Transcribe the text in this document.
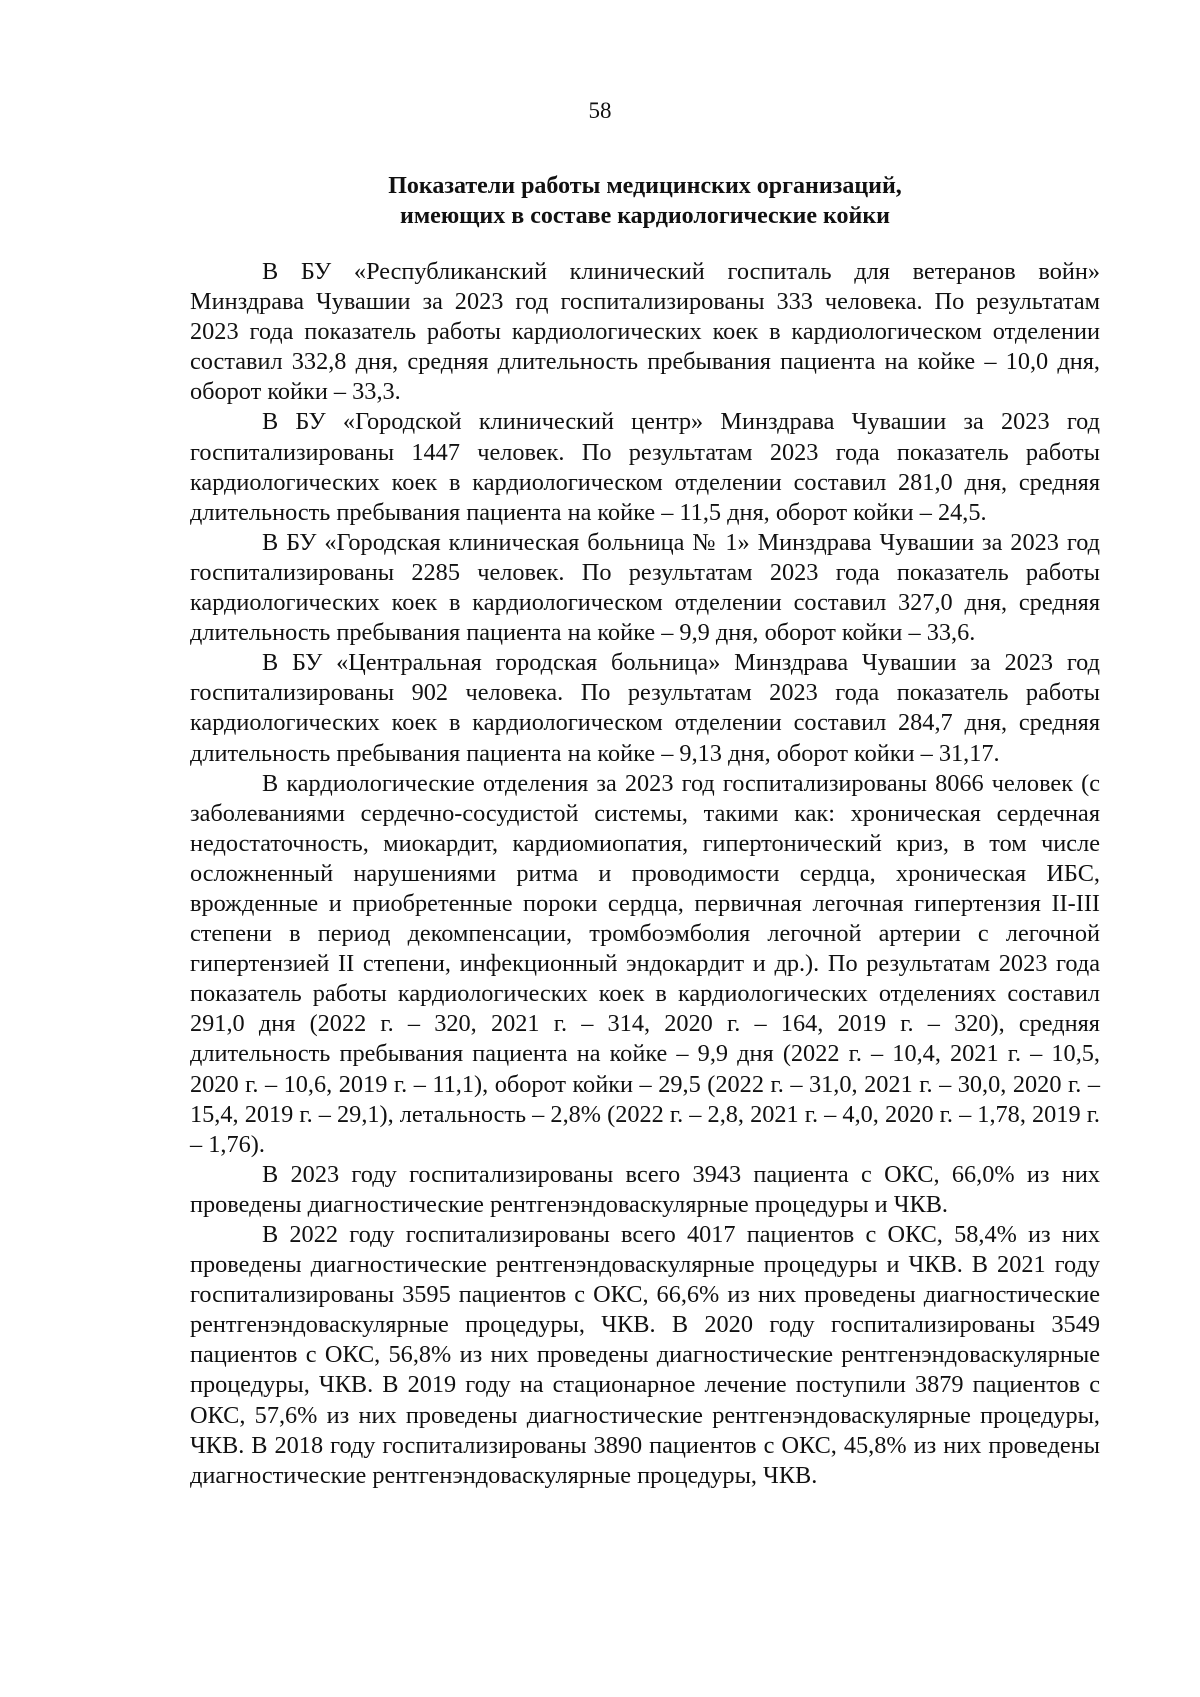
58
Показатели работы медицинских организаций,
имеющих в составе кардиологические койки

В БУ «Республиканский клинический госпиталь для ветеранов войн» Минздрава Чувашии за 2023 год госпитализированы 333 человека. По результатам 2023 года показатель работы кардиологических коек в кардиологическом отделении составил 332,8 дня, средняя длительность пребывания пациента на койке – 10,0 дня, оборот койки – 33,3.

В БУ «Городской клинический центр» Минздрава Чувашии за 2023 год госпитализированы 1447 человек. По результатам 2023 года показатель работы кардиологических коек в кардиологическом отделении составил 281,0 дня, средняя длительность пребывания пациента на койке – 11,5 дня, оборот койки – 24,5.

В БУ «Городская клиническая больница № 1» Минздрава Чувашии за 2023 год госпитализированы 2285 человек. По результатам 2023 года показатель работы кардиологических коек в кардиологическом отделении составил 327,0 дня, средняя длительность пребывания пациента на койке – 9,9 дня, оборот койки – 33,6.

В БУ «Центральная городская больница» Минздрава Чувашии за 2023 год госпитализированы 902 человека. По результатам 2023 года показатель работы кардиологических коек в кардиологическом отделении составил 284,7 дня, средняя длительность пребывания пациента на койке – 9,13 дня, оборот койки – 31,17.

В кардиологические отделения за 2023 год госпитализированы 8066 человек (с заболеваниями сердечно-сосудистой системы, такими как: хроническая сердечная недостаточность, миокардит, кардиомиопатия, гипертонический криз, в том числе осложненный нарушениями ритма и проводимости сердца, хроническая ИБС, врожденные и приобретенные пороки сердца, первичная легочная гипертензия II-III степени в период декомпенсации, тромбоэмболия легочной артерии с легочной гипертензией II степени, инфекционный эндокардит и др.). По результатам 2023 года показатель работы кардиологических коек в кардиологических отделениях составил 291,0 дня (2022 г. – 320, 2021 г. – 314, 2020 г. – 164, 2019 г. – 320), средняя длительность пребывания пациента на койке – 9,9 дня (2022 г. – 10,4, 2021 г. – 10,5, 2020 г. – 10,6, 2019 г. – 11,1), оборот койки – 29,5 (2022 г. – 31,0, 2021 г. – 30,0, 2020 г. – 15,4, 2019 г. – 29,1), летальность – 2,8% (2022 г. – 2,8, 2021 г. – 4,0, 2020 г. – 1,78, 2019 г. – 1,76).

В 2023 году госпитализированы всего 3943 пациента с ОКС, 66,0% из них проведены диагностические рентгенэндоваскулярные процедуры и ЧКВ.

В 2022 году госпитализированы всего 4017 пациентов с ОКС, 58,4% из них проведены диагностические рентгенэндоваскулярные процедуры и ЧКВ. В 2021 году госпитализированы 3595 пациентов с ОКС, 66,6% из них проведены диагностические рентгенэндоваскулярные процедуры, ЧКВ. В 2020 году госпитализированы 3549 пациентов с ОКС, 56,8% из них проведены диагностические рентгенэндоваскулярные процедуры, ЧКВ. В 2019 году на стационарное лечение поступили 3879 пациентов с ОКС, 57,6% из них проведены диагностические рентгенэндоваскулярные процедуры, ЧКВ. В 2018 году госпитализированы 3890 пациентов с ОКС, 45,8% из них проведены диагностические рентгенэндоваскулярные процедуры, ЧКВ.
